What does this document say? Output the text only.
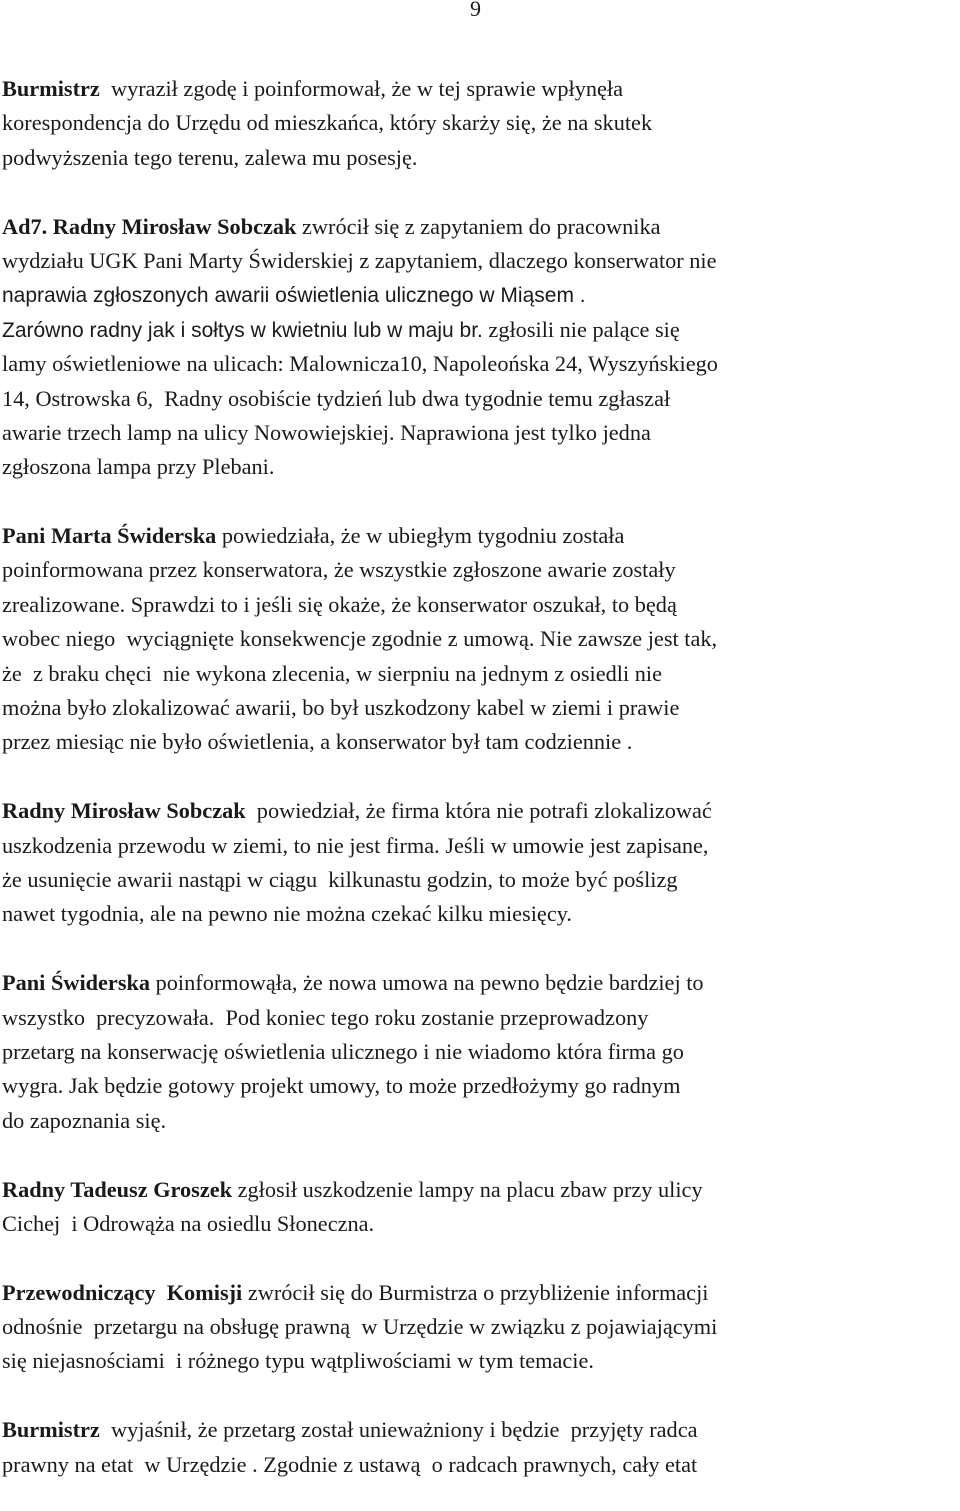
9

Burmistrz  wyraził zgodę i poinformował, że w tej sprawie wpłynęła
korespondencja do Urzędu od mieszkańca, który skarży się, że na skutek
podwyższenia tego terenu, zalewa mu posesję.

Ad7. Radny Mirosław Sobczak zwrócił się z zapytaniem do pracownika
wydziału UGK Pani Marty Świderskiej z zapytaniem, dlaczego konserwator nie
naprawia zgłoszonych awarii oświetlenia ulicznego w Miąsem .
Zarówno radny jak i sołtys w kwietniu lub w maju br. zgłosili nie palące się
lamy oświetleniowe na ulicach: Malownicza10, Napoleońska 24, Wyszyńskiego
14, Ostrowska 6,  Radny osobiście tydzień lub dwa tygodnie temu zgłaszał
awarie trzech lamp na ulicy Nowowiejskiej. Naprawiona jest tylko jedna
zgłoszona lampa przy Plebani.

Pani Marta Świderska powiedziała, że w ubiegłym tygodniu została
poinformowana przez konserwatora, że wszystkie zgłoszone awarie zostały
zrealizowane. Sprawdzi to i jeśli się okaże, że konserwator oszukał, to będą
wobec niego  wyciągnięte konsekwencje zgodnie z umową. Nie zawsze jest tak,
że  z braku chęci  nie wykona zlecenia, w sierpniu na jednym z osiedli nie
można było zlokalizować awarii, bo był uszkodzony kabel w ziemi i prawie
przez miesiąc nie było oświetlenia, a konserwator był tam codziennie .

Radny Mirosław Sobczak  powiedział, że firma która nie potrafi zlokalizować
uszkodzenia przewodu w ziemi, to nie jest firma. Jeśli w umowie jest zapisane,
że usunięcie awarii nastąpi w ciągu  kilkunastu godzin, to może być poślizg
nawet tygodnia, ale na pewno nie można czekać kilku miesięcy.

Pani Świderska poinformowąła, że nowa umowa na pewno będzie bardziej to
wszystko  precyzowała.  Pod koniec tego roku zostanie przeprowadzony
przetarg na konserwację oświetlenia ulicznego i nie wiadomo która firma go
wygra. Jak będzie gotowy projekt umowy, to może przedłożymy go radnym
do zapoznania się.

Radny Tadeusz Groszek zgłosił uszkodzenie lampy na placu zbaw przy ulicy
Cichej  i Odrowąża na osiedlu Słoneczna.

Przewodniczący  Komisji zwrócił się do Burmistrza o przybliżenie informacji
odnośnie  przetargu na obsługę prawną  w Urzędzie w związku z pojawiającymi
się niejasnościami  i różnego typu wątpliwościami w tym temacie.

Burmistrz  wyjaśnił, że przetarg został unieważniony i będzie  przyjęty radca
prawny na etat  w Urzędzie . Zgodnie z ustawą  o radcach prawnych, cały etat
